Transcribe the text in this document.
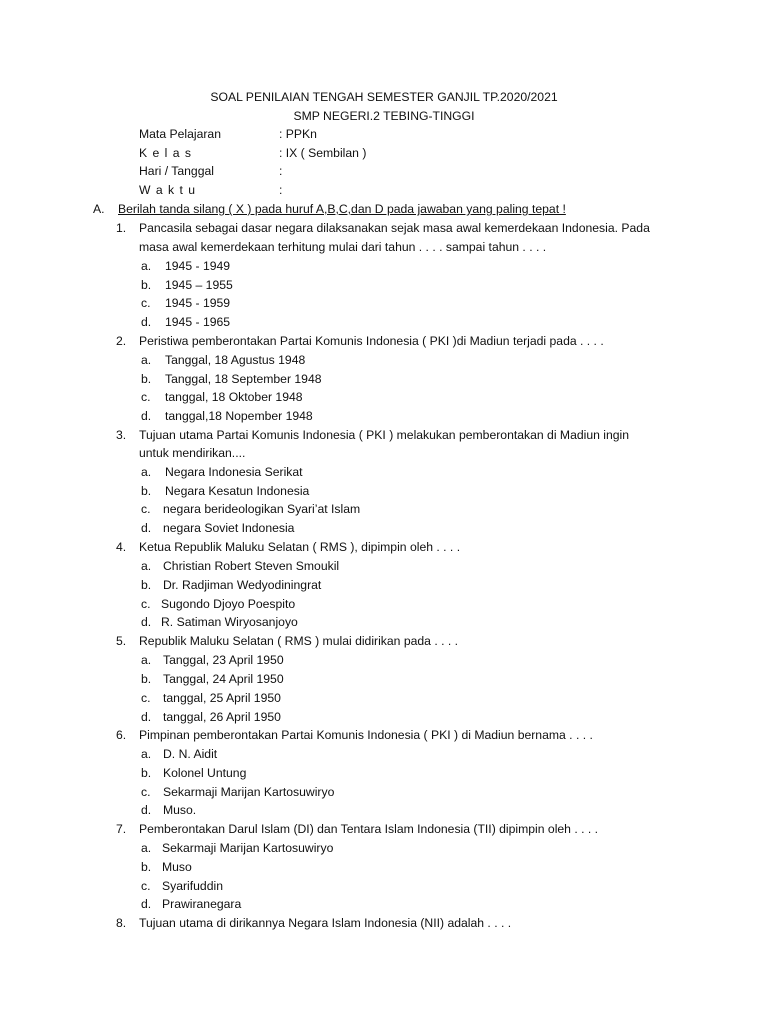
SOAL PENILAIAN TENGAH SEMESTER GANJIL TP.2020/2021
SMP NEGERI.2 TEBING-TINGGI
Mata Pelajaran	: PPKn
K e l a s	: IX ( Sembilan )
Hari / Tanggal	:
W a k t u	:
A. Berilah tanda silang ( X ) pada huruf A,B,C,dan D pada jawaban yang paling tepat !
1. Pancasila sebagai dasar negara dilaksanakan sejak masa awal kemerdekaan Indonesia. Pada
masa awal kemerdekaan terhitung mulai dari tahun . . . . sampai tahun . . . .
a. 1945 - 1949
b. 1945 – 1955
c. 1945 - 1959
d. 1945 - 1965
2. Peristiwa pemberontakan Partai Komunis Indonesia ( PKI )di Madiun terjadi pada . . . .
a. Tanggal, 18 Agustus 1948
b. Tanggal, 18 September 1948
c. tanggal, 18 Oktober 1948
d. tanggal,18 Nopember 1948
3. Tujuan utama Partai Komunis Indonesia ( PKI ) melakukan pemberontakan di Madiun ingin
untuk mendirikan....
a. Negara Indonesia Serikat
b. Negara Kesatun Indonesia
c. negara berideologikan Syari’at Islam
d. negara Soviet Indonesia
4. Ketua Republik Maluku Selatan ( RMS ), dipimpin oleh . . . .
a. Christian Robert Steven Smoukil
b. Dr. Radjiman Wedyodiningrat
c. Sugondo Djoyo Poespito
d. R. Satiman Wiryosanjoyo
5. Republik Maluku Selatan ( RMS ) mulai didirikan pada . . . .
a. Tanggal, 23 April 1950
b. Tanggal, 24 April 1950
c. tanggal, 25 April 1950
d. tanggal, 26 April 1950
6. Pimpinan pemberontakan Partai Komunis Indonesia ( PKI ) di Madiun bernama . . . .
a. D. N. Aidit
b. Kolonel Untung
c. Sekarmaji Marijan Kartosuwiryo
d. Muso.
7. Pemberontakan Darul Islam (DI) dan Tentara Islam Indonesia (TII) dipimpin oleh . . . .
a. Sekarmaji Marijan Kartosuwiryo
b. Muso
c. Syarifuddin
d. Prawiranegara
8. Tujuan utama di dirikannya Negara Islam Indonesia (NII) adalah . . . .
